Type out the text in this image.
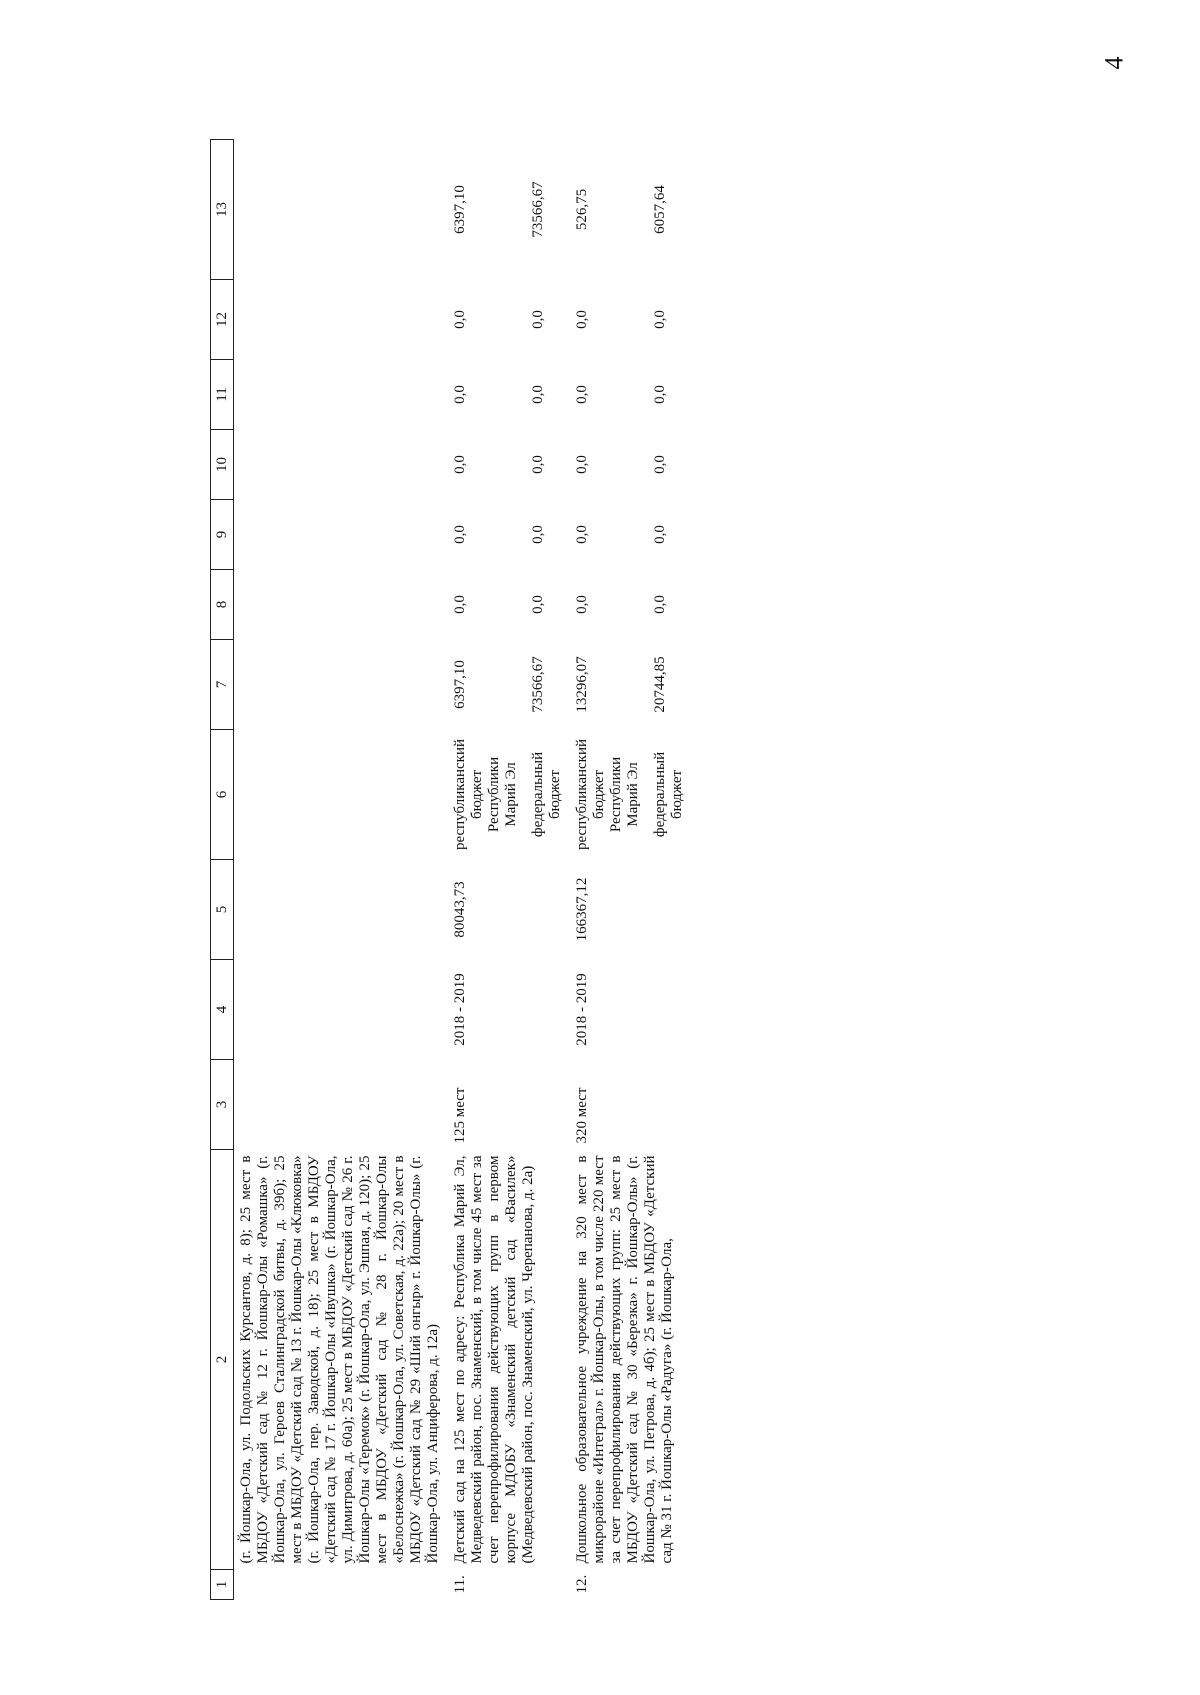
4
1	2	3	4	5	6	7	8	9	10	11	12	13
	(г. Йошкар-Ола, ул. Подольских Курсантов, д. 8); 25 мест в МБДОУ «Детский сад № 12 г. Йошкар-Олы «Ромашка» (г. Йошкар-Ола, ул. Героев Сталинградской битвы, д. 39б); 25 мест в МБДОУ «Детский сад № 13 г. Йошкар-Олы «Клюковка» (г. Йошкар-Ола, пер. Заводской, д. 18); 25 мест в МБДОУ «Детский сад № 17 г. Йошкар-Олы «Ивушка» (г. Йошкар-Ола, ул. Димитрова, д. 60а); 25 мест в МБДОУ «Детский сад № 26 г. Йошкар-Олы «Теремок» (г. Йошкар-Ола, ул. Эшпая, д. 120); 25 мест в МБДОУ «Детский сад № 28 г. Йошкар-Олы «Белоснежка» (г. Йошкар-Ола, ул. Советская, д. 22а); 20 мест в МБДОУ «Детский сад № 29 «Ший онгыр» г. Йошкар-Олы» (г. Йошкар-Ола, ул. Анциферова, д. 12а)											
11.	Детский сад на 125 мест по адресу: Республика Марий Эл, Медведевский район, пос. Знаменский, в том числе 45 мест за счет перепрофилирования действующих групп в первом корпусе МДОБУ «Знаменский детский сад «Василек» (Медведевский район, пос. Знаменский, ул. Черепанова, д. 2а)	125 мест	2018 - 2019	80043,73	республиканский бюджет Республики Марий Эл	6397,10	0,0	0,0	0,0	0,0	0,0	6397,10
					федеральный бюджет	73566,67	0,0	0,0	0,0	0,0	0,0	73566,67
12.	Дошкольное образовательное учреждение на 320 мест в микрорайоне «Интеграл» г. Йошкар-Олы, в том числе 220 мест за счет перепрофилирования действующих групп: 25 мест в МБДОУ «Детский сад № 30 «Березка» г. Йошкар-Олы» (г. Йошкар-Ола, ул. Петрова, д. 4б); 25 мест в МБДОУ «Детский сад № 31 г. Йошкар-Олы «Радуга» (г. Йошкар-Ола,	320 мест	2018 - 2019	166367,12	республиканский бюджет Республики Марий Эл	13296,07	0,0	0,0	0,0	0,0	0,0	526,75
					федеральный бюджет	20744,85	0,0	0,0	0,0	0,0	0,0	6057,64
